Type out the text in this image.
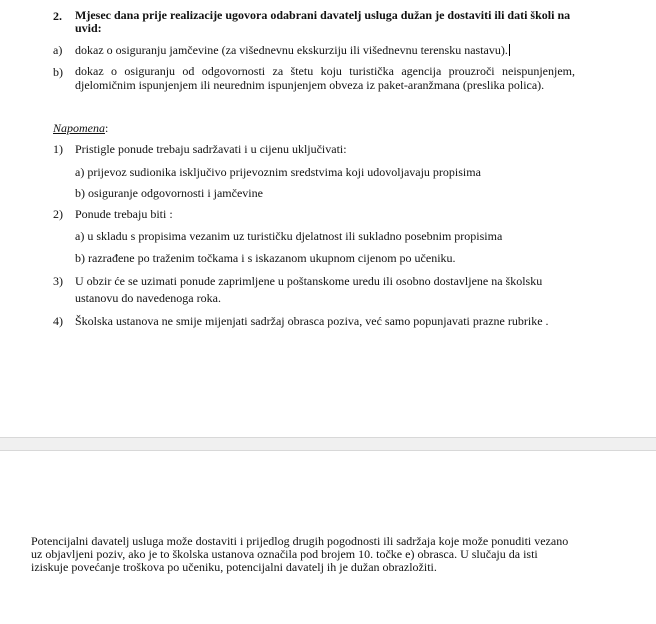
2. Mjesec dana prije realizacije ugovora odabrani davatelj usluga dužan je dostaviti ili dati školi na uvid:
a) dokaz o osiguranju jamčevine (za višednevnu ekskurziju ili višednevnu terensku nastavu).
b) dokaz o osiguranju od odgovornosti za štetu koju turistička agencija prouzroči neispunjenjem, djelomičnim ispunjenjem ili neurednim ispunjenjem obveza iz paket-aranžmana (preslika polica).
Napomena:
1) Pristigle ponude trebaju sadržavati i u cijenu uključivati:
a) prijevoz sudionika isključivo prijevoznim sredstvima koji udovoljavaju propisima
b) osiguranje odgovornosti i jamčevine
2) Ponude trebaju biti :
a) u skladu s propisima vezanim uz turističku djelatnost ili sukladno posebnim propisima
b) razrađene po traženim točkama i s iskazanom ukupnom cijenom po učeniku.
3) U obzir će se uzimati ponude zaprimljene u poštanskome uredu ili osobno dostavljene na školsku ustanovu do navedenoga roka.
4) Školska ustanova ne smije mijenjati sadržaj obrasca poziva, već samo popunjavati prazne rubrike .
Potencijalni davatelj usluga može dostaviti i prijedlog drugih pogodnosti ili sadržaja koje može ponuditi vezano uz objavljeni poziv, ako je to školska ustanova označila pod brojem 10. točke e) obrasca. U slučaju da isti iziskuje povećanje troškova po učeniku, potencijalni davatelj ih je dužan obrazložiti.
